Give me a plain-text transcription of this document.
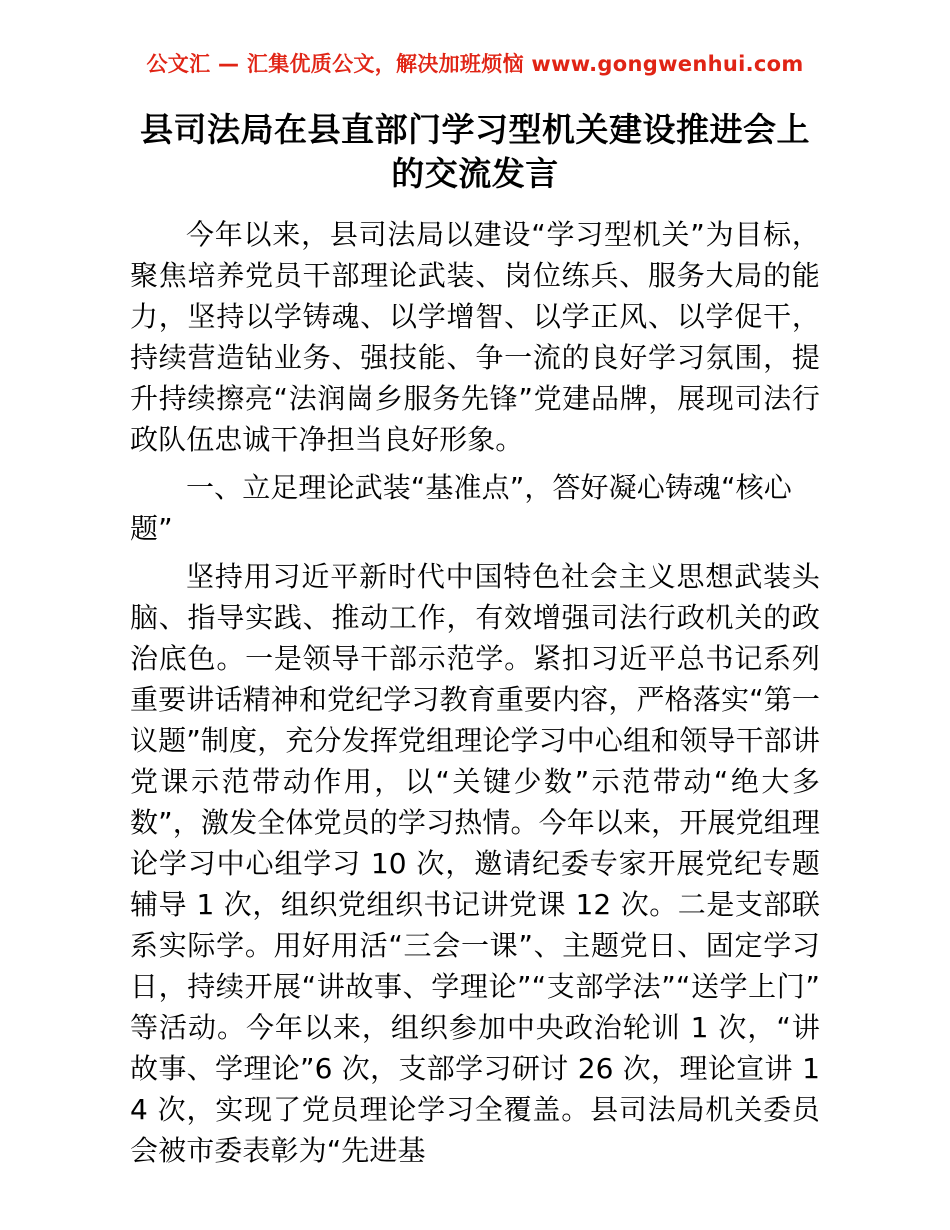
公文汇 — 汇集优质公文，解决加班烦恼 www.gongwenhui.com
县司法局在县直部门学习型机关建设推进会上的交流发言

今年以来，县司法局以建设“学习型机关”为目标，聚焦培养党员干部理论武装、岗位练兵、服务大局的能力，坚持以学铸魂、以学增智、以学正风、以学促干，持续营造钻业务、强技能、争一流的良好学习氛围，提升持续擦亮“法润崗乡服务先锋”党建品牌，展现司法行政队伍忠诚干净担当良好形象。

一、立足理论武装“基准点”，答好凝心铸魂“核心题”

坚持用习近平新时代中国特色社会主义思想武装头脑、指导实践、推动工作，有效增强司法行政机关的政治底色。一是领导干部示范学。紧扣习近平总书记系列重要讲话精神和党纪学习教育重要内容，严格落实“第一议题”制度，充分发挥党组理论学习中心组和领导干部讲党课示范带动作用，以“关键少数”示范带动“绝大多数”，激发全体党员的学习热情。今年以来，开展党组理论学习中心组学习 10 次，邀请纪委专家开展党纪专题辅导 1 次，组织党组织书记讲党课 12 次。二是支部联系实际学。用好用活“三会一课”、主题党日、固定学习日，持续开展“讲故事、学理论”“支部学法”“送学上门”等活动。今年以来，组织参加中央政治轮训 1 次，“讲故事、学理论”6 次，支部学习研讨 26 次，理论宣讲 14 次，实现了党员理论学习全覆盖。县司法局机关委员会被市委表彰为“先进基
